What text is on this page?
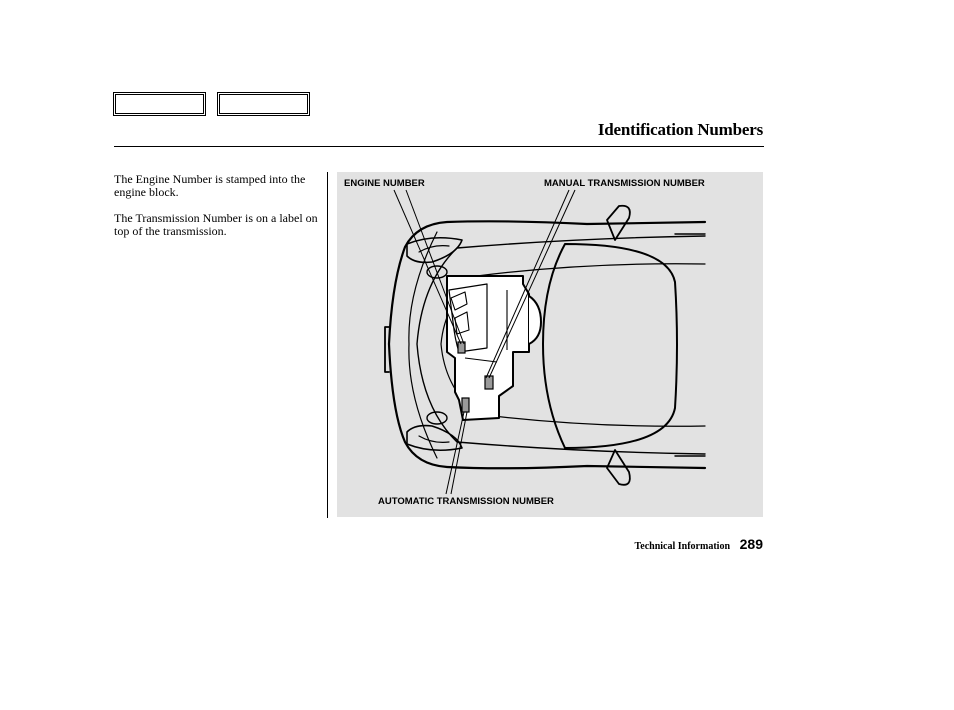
Identification Numbers

The Engine Number is stamped into the engine block.

The Transmission Number is on a label on top of the transmission.

ENGINE NUMBER	MANUAL TRANSMISSION NUMBER
AUTOMATIC TRANSMISSION NUMBER
Technical Information 289
